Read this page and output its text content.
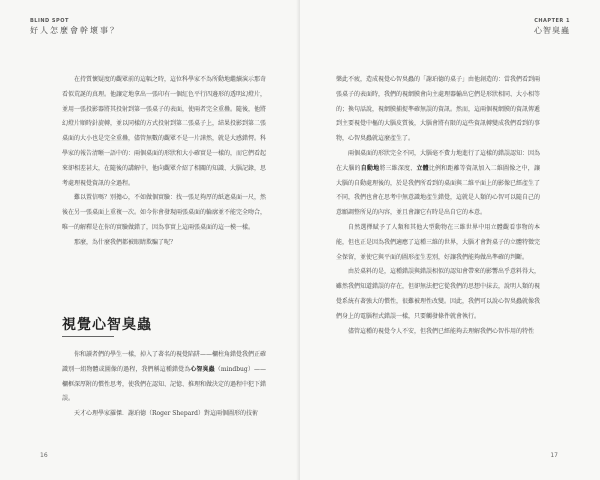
BLIND SPOT
好人怎麼會幹壞事？

在持質懷疑度的觀眾前的這幅之時，這位科學家不為所動地繼續演示那奇看似荒誕的真理。他讓定地拿出一張印有一個紅色平行四邊形的透明幻燈片，並用一張投影器將其投射到第一張桌子的表面，使兩者完全重疊。隨後，他將幻燈片順時針旋轉，並以同樣的方式投射到第二張桌子上，結果投影到第二張桌面的大小也是完全重疊，儘管無數的觀眾不是一片譁然，就是大感錯愕。科學家的報告清晰一語中的：兩個桌面的形狀和大小確實是一樣的，而它們看起來卻相差甚大，在隨後的講解中，他向觀眾介紹了相關的知識、大腦記錄，思考處理視覺資訊的全過程。

難以置信嗎？別擔心，不如做個實驗：找一張足夠厚的紙遮桌面一尺，然後在另一張桌面上重複一次。如今你會發現兩張桌面的輪廓並不能完全吻合，唯一的解釋是在你的實驗做錯了，因為事實上這兩張桌面的這一模一樣。

那麼，為什麼我們都被眼睛欺騙了呢？

視覺心智臭蟲

你和讀者們的學生一樣，掉入了著名的視覺陷阱——欄柱角錯覺我們正確識別一組物體或圖像的過程，我們稱這種錯覺為心智臭蟲（mindbug）——欄框深厚附的慣性思考，使我們在認知、記憶、推理和做決定的過程中犯下錯誤。

天才心理學家羅傑．謝珀德（Roger Shepard）對這兩個圖形的技術

16
CHAPTER 1
心智臭蟲

樂此不疲，造成視覺心智臭蟲的「謝珀德的桌子」由他創造的：當我們看到兩張桌子的表面時，我們的視網膜會向主處理器輸出它們是形狀相同、大小相等的；換句話說，視網膜捕捉準確無誤的資訊。然而，這兩個視網膜的資訊傳遞到主要視覺中樞的大腦皮質後，大腦會將有限的這些資訊轉變成我們看到的事物，心智臭蟲就這麼產生了。

兩個桌面的形狀完全不同，大腦毫不費力地進行了這樣的錯誤認知：因為在大腦的自動地將三維深度、立體比例和距離等資訊加入二維圖像之中，讓大腦的自動處理後的，於是我們所看到的桌面與二維平面上的影像已經產生了不同，我們也會在思考中無意識地產生錯覺，這就是人類的心智可以隨自己的意願調整所見的內容，並且會讓它有時是出自它的本意。

自然選擇賦予了人類和其他大型動物在三維世界中用立體觀看事物的本能，但也正是因為我們適應了這種三維的世界，大腦才會對桌子的立體特徵完全保留，並使它與平面的圖形產生差別，好讓我們能夠做出準確的判斷。

由於桌料的是，這種錯誤與錯誤相似的認知會帶來的影響出乎意料得大，雖然我們知道錯誤的存在，但卻無法把它從我們的思想中抹去，說明人類的視覺系統有著強大的慣性，很難被理性改變。因此，我們可以說心智臭蟲就像我們身上的電腦程式錯誤一樣，只要觸發條件就會執行。

儘管這種的視覺令人不安，但我們已經能夠去理解我們心智作用的特性

17
